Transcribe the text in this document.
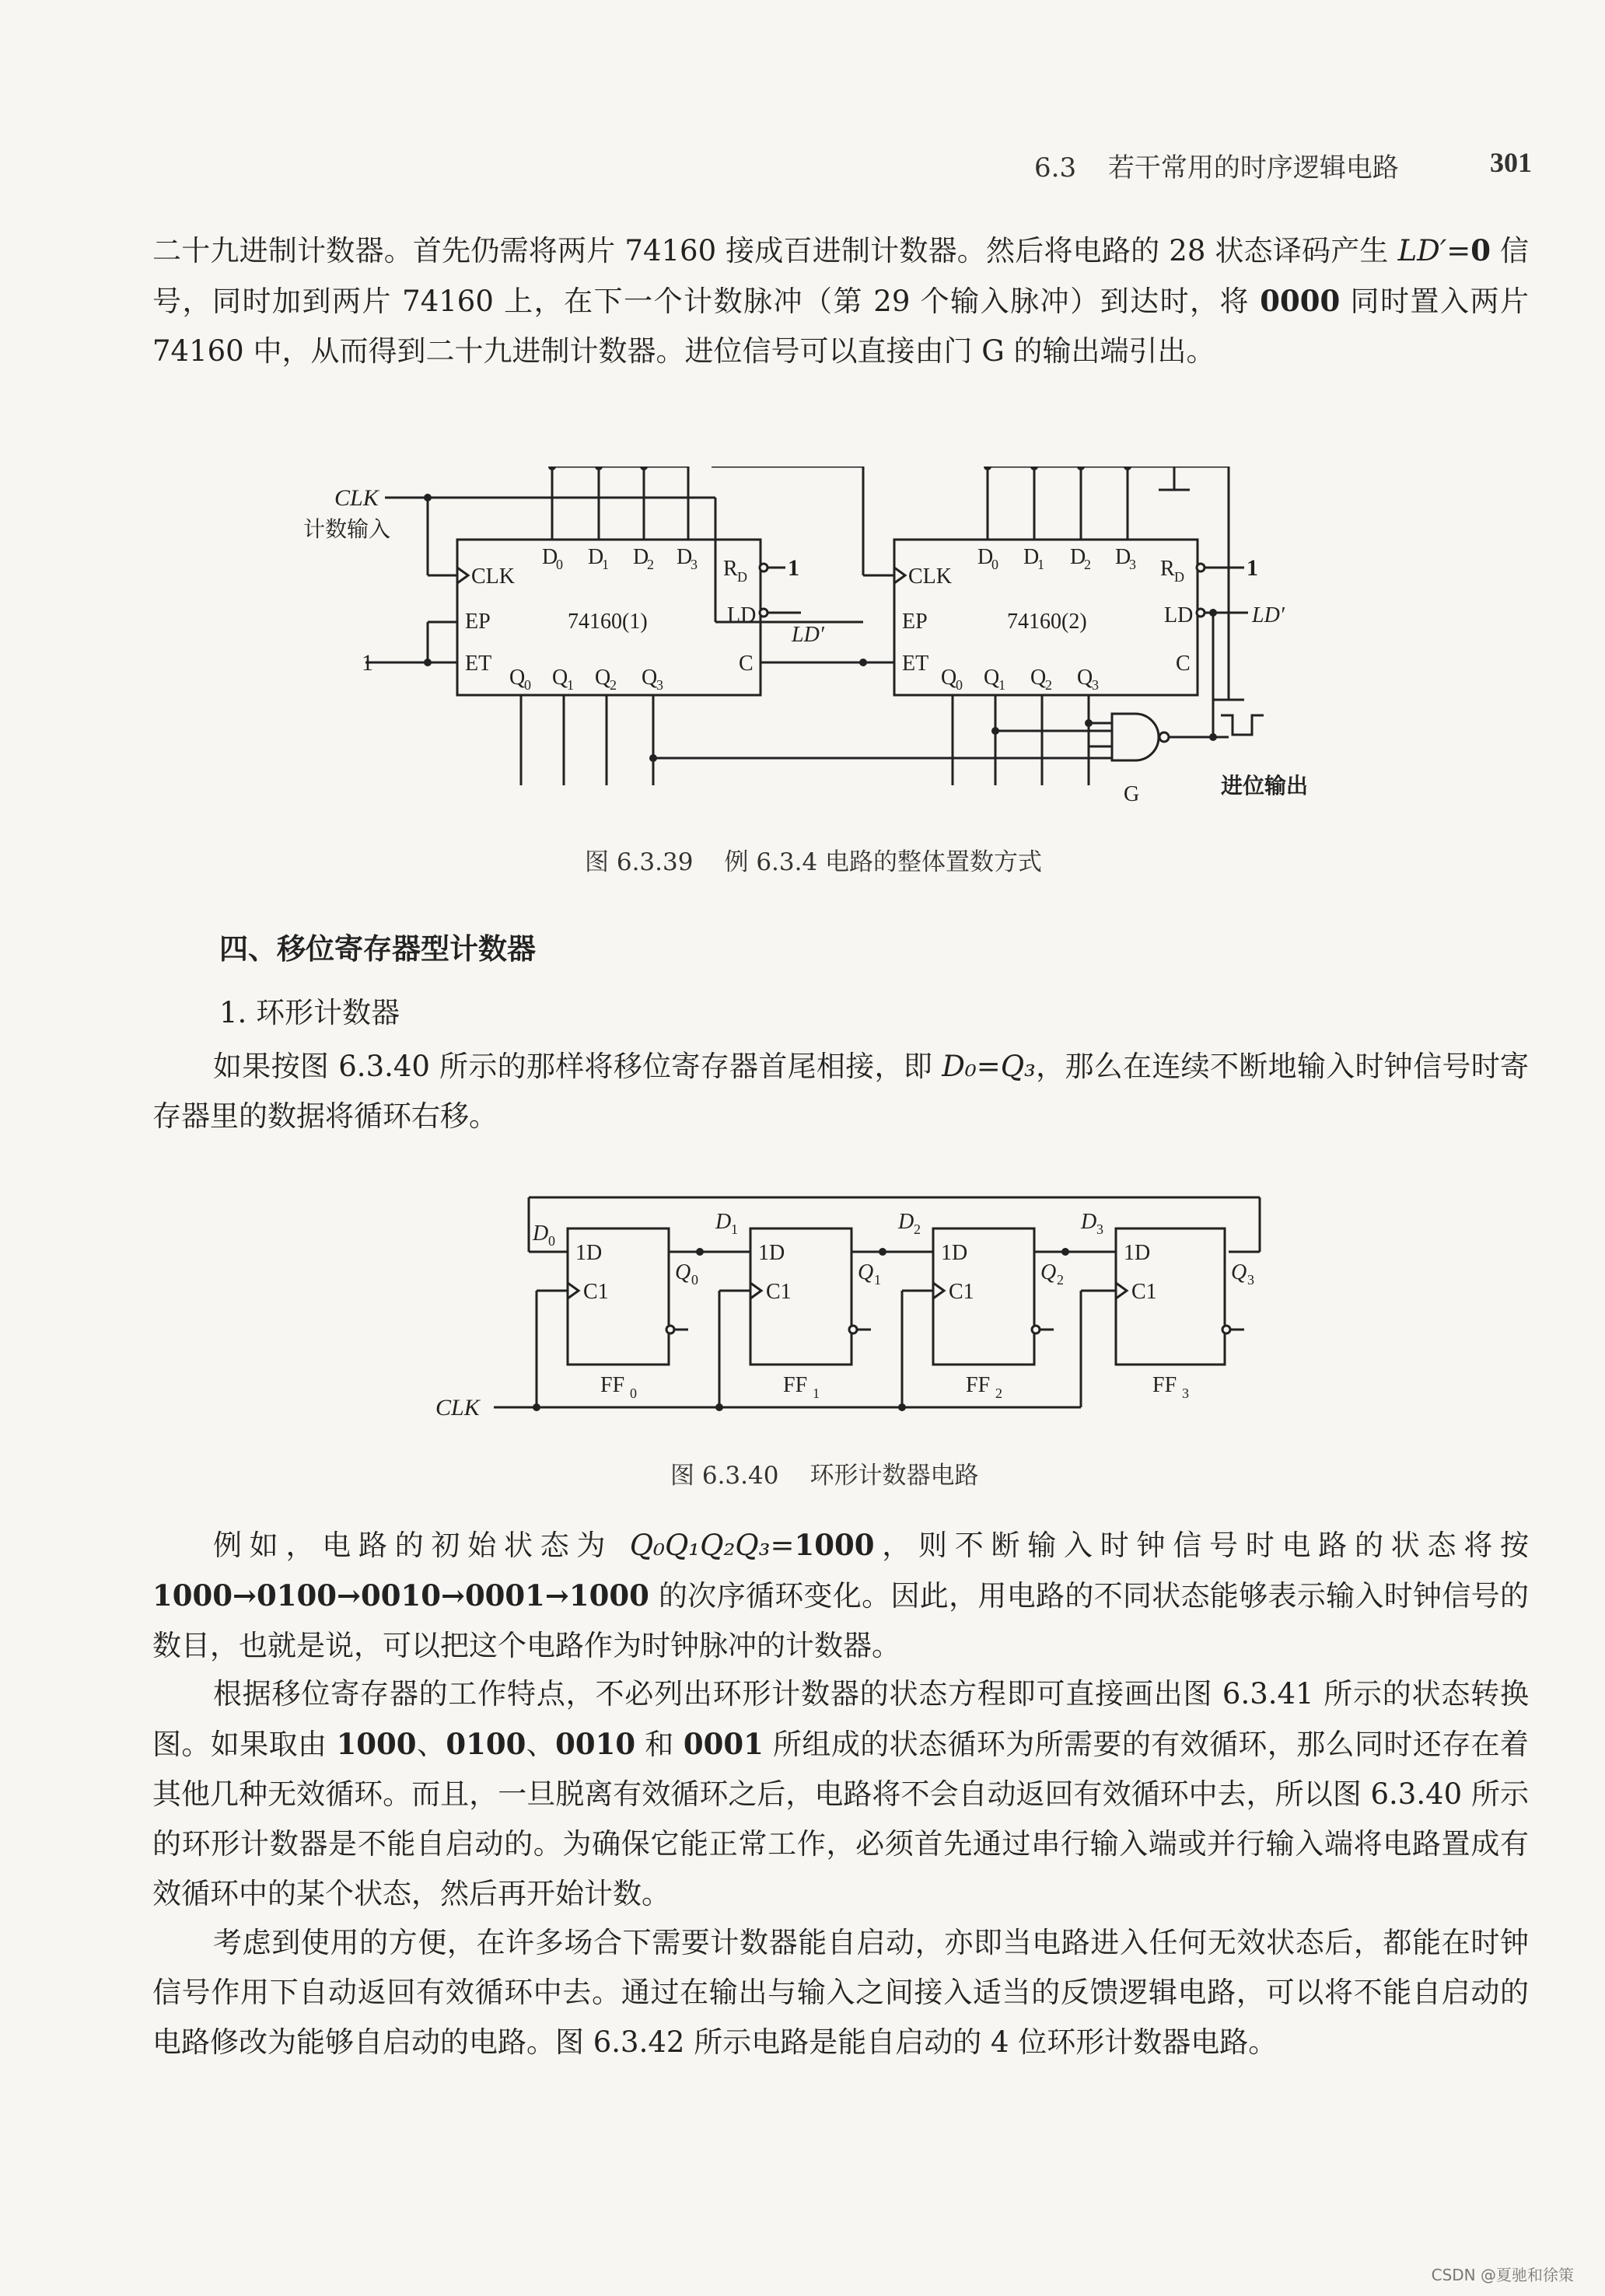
6.3 若干常用的时序逻辑电路	301

二十九进制计数器。首先仍需将两片 74160 接成百进制计数器。然后将电路的 28 状态译码产生 LD′=0 信号，同时加到两片 74160 上，在下一个计数脉冲（第 29 个输入脉冲）到达时，将 0000 同时置入两片 74160 中，从而得到二十九进制计数器。进位信号可以直接由门 G 的输出端引出。

CLK
计数输入
1
CLK
EP
ET
74160(1)	LD
C
R D 1
LD′
D
0 D
1 D
2 D
3
Q
0 Q
1 Q
2 Q
3
CLK
EP
ET
74160(2)	LD
C
R D	1
LD′
D
0 D
1 D
2 D
3
Q
0 Q
1 Q
2 Q
3
G	进位输出
图 6.3.39 例 6.3.4 电路的整体置数方式
四、移位寄存器型计数器
1. 环形计数器

如果按图 6.3.40 所示的那样将移位寄存器首尾相接，即 D₀=Q₃，那么在连续不断地输入时钟信号时寄存器里的数据将循环右移。

CLK
D 0
D 1	D 2	D 3
Q 0	Q 1	Q 2	Q 3
1D
C1
1D
C1
1D
C1
1D
C1
FF 0	FF 1	FF 2	FF 3
图 6.3.40 环形计数器电路

例如，电路的初始状态为 Q₀Q₁Q₂Q₃=1000，则不断输入时钟信号时电路的状态将按 1000→0100→0010→0001→1000 的次序循环变化。因此，用电路的不同状态能够表示输入时钟信号的数目，也就是说，可以把这个电路作为时钟脉冲的计数器。

根据移位寄存器的工作特点，不必列出环形计数器的状态方程即可直接画出图 6.3.41 所示的状态转换图。如果取由 1000、0100、0010 和 0001 所组成的状态循环为所需要的有效循环，那么同时还存在着其他几种无效循环。而且，一旦脱离有效循环之后，电路将不会自动返回有效循环中去，所以图 6.3.40 所示的环形计数器是不能自启动的。为确保它能正常工作，必须首先通过串行输入端或并行输入端将电路置成有效循环中的某个状态，然后再开始计数。

考虑到使用的方便，在许多场合下需要计数器能自启动，亦即当电路进入任何无效状态后，都能在时钟信号作用下自动返回有效循环中去。通过在输出与输入之间接入适当的反馈逻辑电路，可以将不能自启动的电路修改为能够自启动的电路。图 6.3.42 所示电路是能自启动的 4 位环形计数器电路。

CSDN @夏驰和徐策
